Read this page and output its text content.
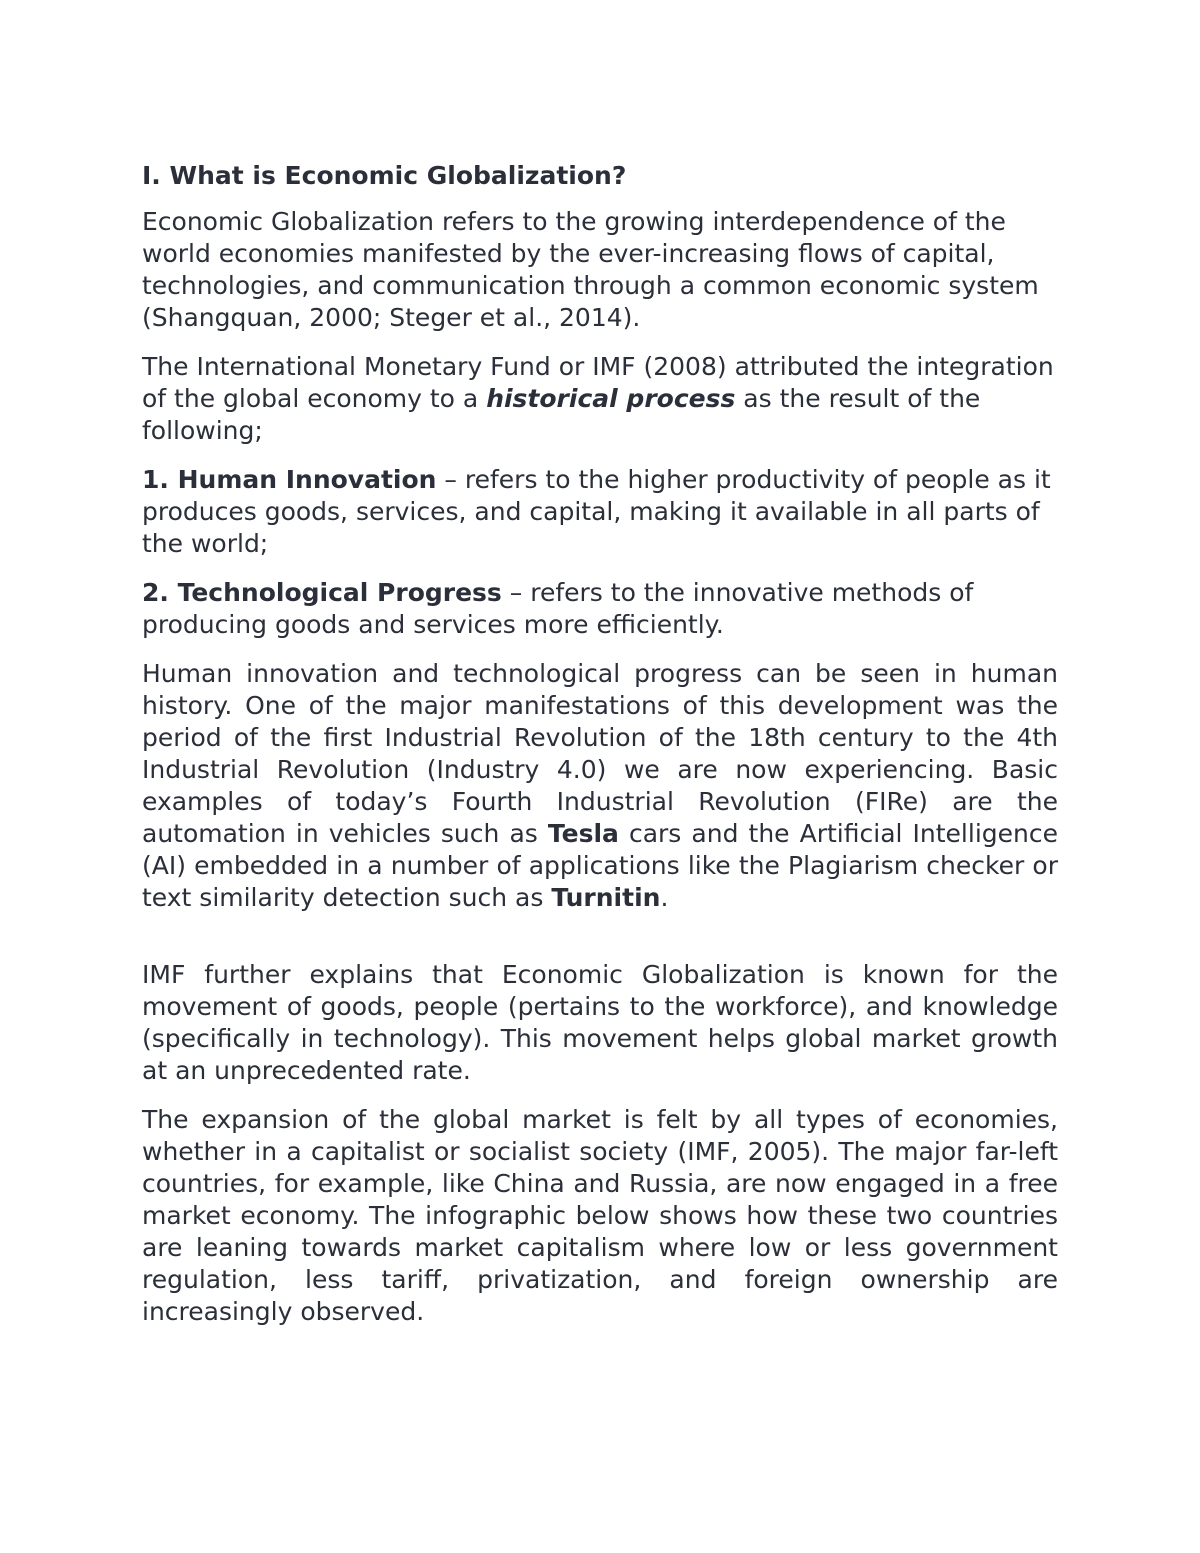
I. What is Economic Globalization?

Economic Globalization refers to the growing interdependence of the world economies manifested by the ever-increasing flows of capital, technologies, and communication through a common economic system (Shangquan, 2000; Steger et al., 2014).

The International Monetary Fund or IMF (2008) attributed the integration of the global economy to a historical process as the result of the following;

1. Human Innovation – refers to the higher productivity of people as it produces goods, services, and capital, making it available in all parts of the world;

2. Technological Progress – refers to the innovative methods of producing goods and services more efficiently.

Human innovation and technological progress can be seen in human history. One of the major manifestations of this development was the period of the first Industrial Revolution of the 18th century to the 4th Industrial Revolution (Industry 4.0) we are now experiencing. Basic examples of today’s Fourth Industrial Revolution (FIRe) are the automation in vehicles such as Tesla cars and the Artificial Intelligence (AI) embedded in a number of applications like the Plagiarism checker or text similarity detection such as Turnitin.

IMF further explains that Economic Globalization is known for the movement of goods, people (pertains to the workforce), and knowledge (specifically in technology). This movement helps global market growth at an unprecedented rate.

The expansion of the global market is felt by all types of economies, whether in a capitalist or socialist society (IMF, 2005). The major far-left countries, for example, like China and Russia, are now engaged in a free market economy. The infographic below shows how these two countries are leaning towards market capitalism where low or less government regulation, less tariff, privatization, and foreign ownership are increasingly observed.
